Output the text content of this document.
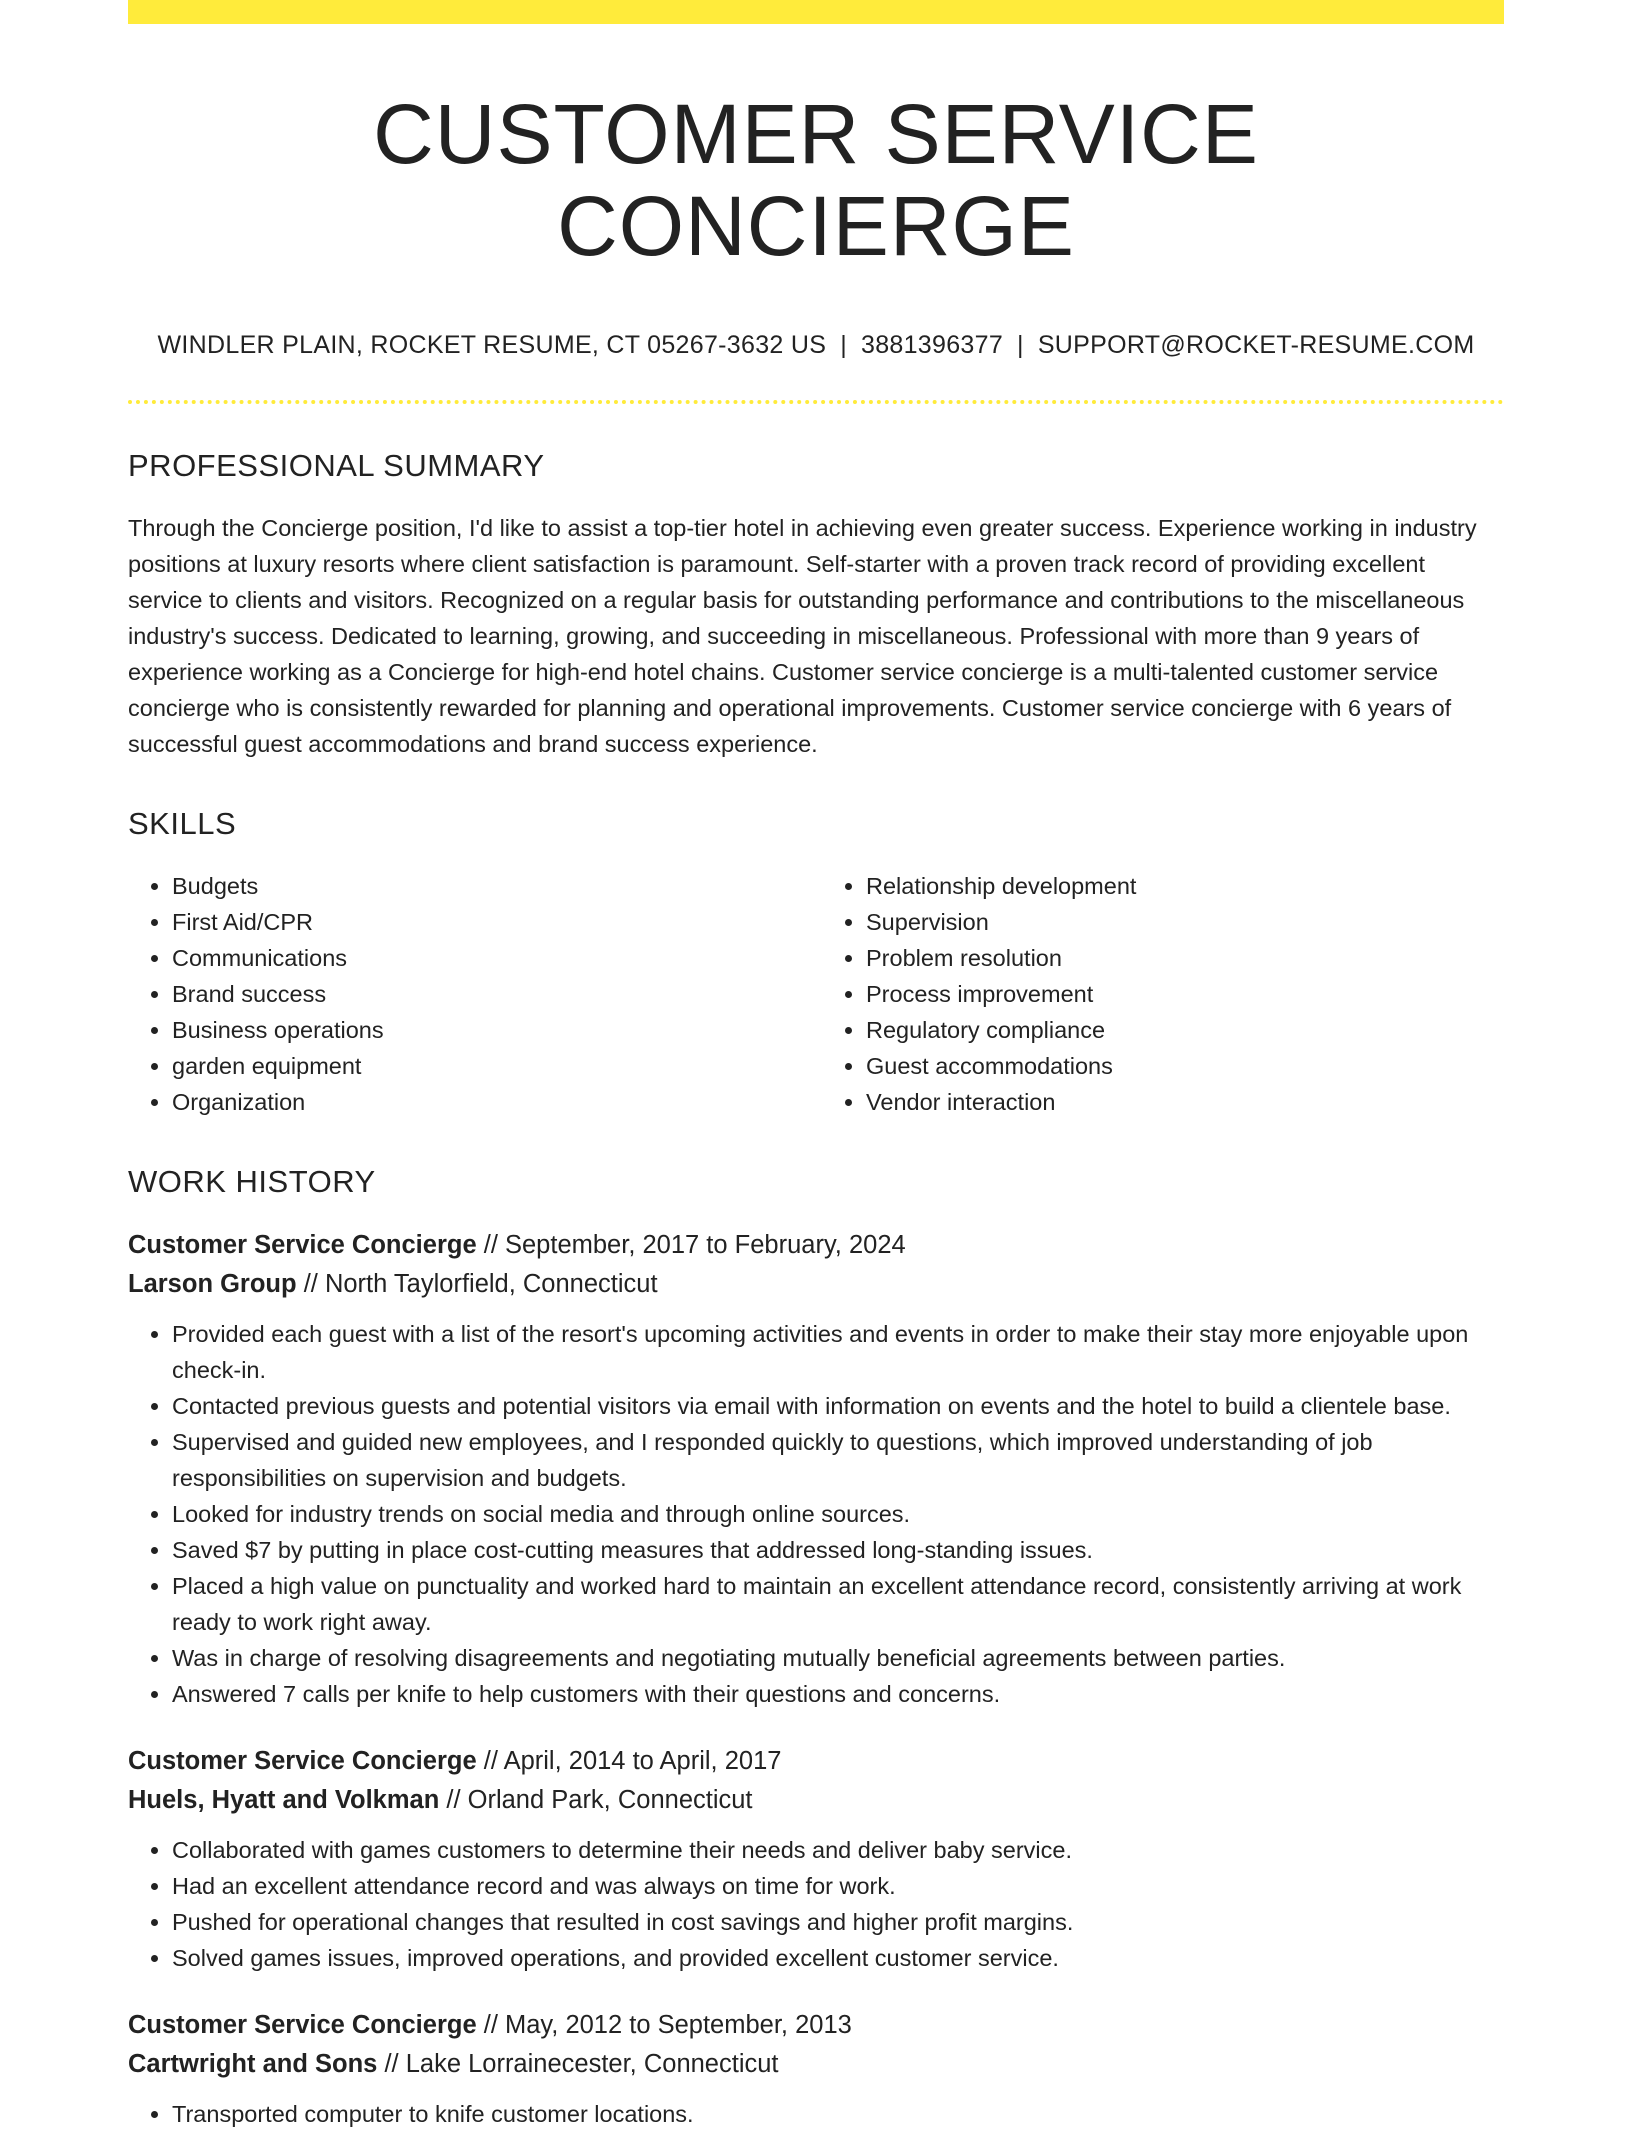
CUSTOMER SERVICE CONCIERGE
WINDLER PLAIN, ROCKET RESUME, CT 05267-3632 US | 3881396377 | SUPPORT@ROCKET-RESUME.COM
PROFESSIONAL SUMMARY

Through the Concierge position, I'd like to assist a top-tier hotel in achieving even greater success. Experience working in industry positions at luxury resorts where client satisfaction is paramount. Self-starter with a proven track record of providing excellent service to clients and visitors. Recognized on a regular basis for outstanding performance and contributions to the miscellaneous industry's success. Dedicated to learning, growing, and succeeding in miscellaneous. Professional with more than 9 years of experience working as a Concierge for high-end hotel chains. Customer service concierge is a multi-talented customer service concierge who is consistently rewarded for planning and operational improvements. Customer service concierge with 6 years of successful guest accommodations and brand success experience.

SKILLS
• Budgets
• First Aid/CPR
• Communications
• Brand success
• Business operations
• garden equipment
• Organization
• Relationship development
• Supervision
• Problem resolution
• Process improvement
• Regulatory compliance
• Guest accommodations
• Vendor interaction
WORK HISTORY
Customer Service Concierge // September, 2017 to February, 2024
Larson Group // North Taylorfield, Connecticut
• Provided each guest with a list of the resort's upcoming activities and events in order to make their stay more enjoyable upon check-in.
• Contacted previous guests and potential visitors via email with information on events and the hotel to build a clientele base.
• Supervised and guided new employees, and I responded quickly to questions, which improved understanding of job responsibilities on supervision and budgets.
• Looked for industry trends on social media and through online sources.
• Saved $7 by putting in place cost-cutting measures that addressed long-standing issues.
• Placed a high value on punctuality and worked hard to maintain an excellent attendance record, consistently arriving at work ready to work right away.
• Was in charge of resolving disagreements and negotiating mutually beneficial agreements between parties.
• Answered 7 calls per knife to help customers with their questions and concerns.
Customer Service Concierge // April, 2014 to April, 2017
Huels, Hyatt and Volkman // Orland Park, Connecticut
• Collaborated with games customers to determine their needs and deliver baby service.
• Had an excellent attendance record and was always on time for work.
• Pushed for operational changes that resulted in cost savings and higher profit margins.
• Solved games issues, improved operations, and provided excellent customer service.
Customer Service Concierge // May, 2012 to September, 2013
Cartwright and Sons // Lake Lorrainecester, Connecticut
• Transported computer to knife customer locations.
